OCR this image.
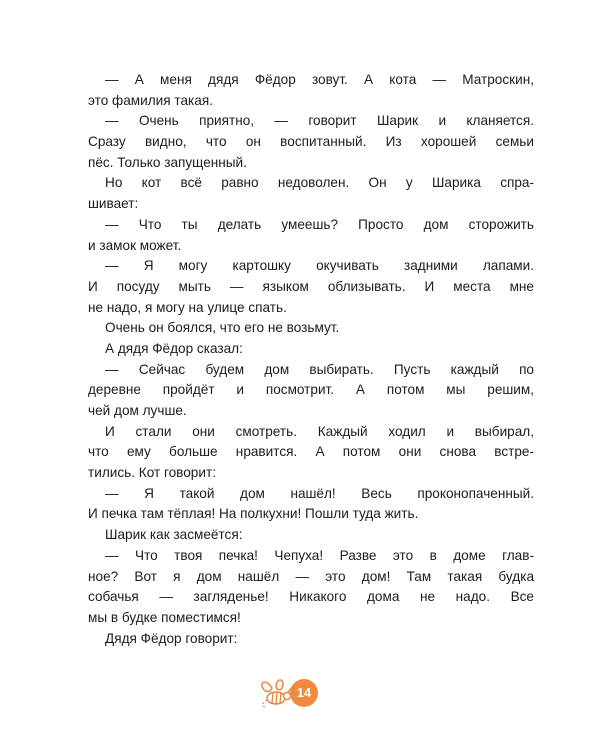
— А меня дядя Фёдор зовут. А кота — Матроскин,
это фамилия такая.
— Очень приятно, — говорит Шарик и кланяется.
Сразу видно, что он воспитанный. Из хорошей семьи
пёс. Только запущенный.
Но кот всё равно недоволен. Он у Шарика спра-
шивает:
— Что ты делать умеешь? Просто дом сторожить
и замок может.
— Я могу картошку окучивать задними лапами.
И посуду мыть — языком облизывать. И места мне
не надо, я могу на улице спать.
Очень он боялся, что его не возьмут.
А дядя Фёдор сказал:
— Сейчас будем дом выбирать. Пусть каждый по
деревне пройдёт и посмотрит. А потом мы решим,
чей дом лучше.
И стали они смотреть. Каждый ходил и выбирал,
что ему больше нравится. А потом они снова встре-
тились. Кот говорит:
— Я такой дом нашёл! Весь проконопаченный.
И печка там тёплая! На полкухни! Пошли туда жить.
Шарик как засмеётся:
— Что твоя печка! Чепуха! Разве это в доме глав-
ное? Вот я дом нашёл — это дом! Там такая будка
собачья — загляденье! Никакого дома не надо. Все
мы в будке поместимся!
Дядя Фёдор говорит:
14
